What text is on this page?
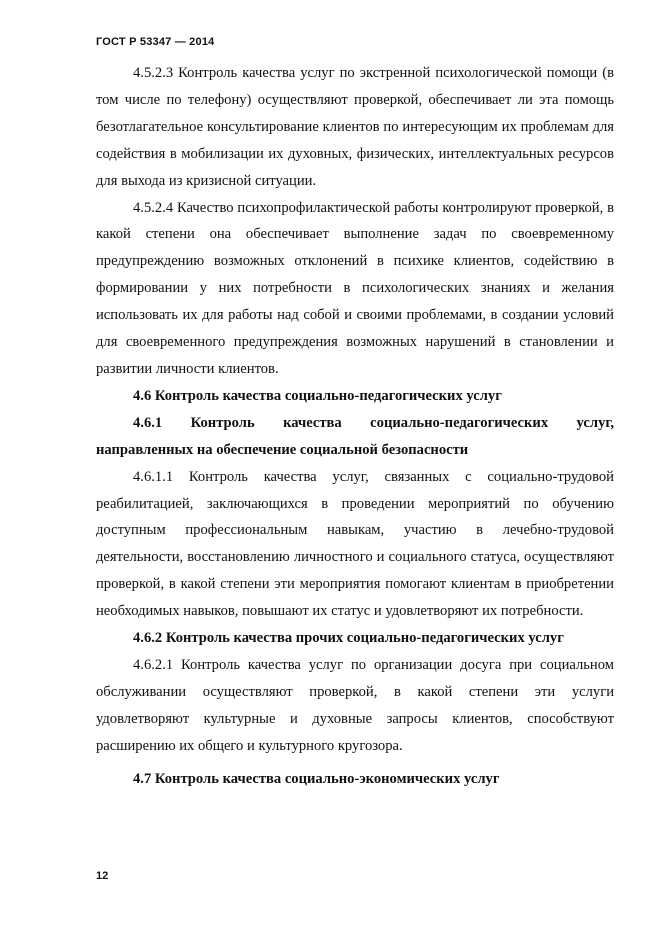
ГОСТ Р 53347 — 2014

4.5.2.3 Контроль качества услуг по экстренной психологической помощи (в том числе по телефону) осуществляют проверкой, обеспечивает ли эта помощь безотлагательное консультирование клиентов по интересующим их проблемам для содействия в мобилизации их духовных, физических, интеллектуальных ресурсов для выхода из кризисной ситуации.

4.5.2.4 Качество психопрофилактической работы контролируют проверкой, в какой степени она обеспечивает выполнение задач по своевременному предупреждению возможных отклонений в психике клиентов, содействию в формировании у них потребности в психологических знаниях и желания использовать их для работы над собой и своими проблемами, в создании условий для своевременного предупреждения возможных нарушений в становлении и развитии личности клиентов.

4.6 Контроль качества социально-педагогических услуг

4.6.1 Контроль качества социально-педагогических услуг, направленных на обеспечение социальной безопасности

4.6.1.1 Контроль качества услуг, связанных с социально-трудовой реабилитацией, заключающихся в проведении мероприятий по обучению доступным профессиональным навыкам, участию в лечебно-трудовой деятельности, восстановлению личностного и социального статуса, осуществляют проверкой, в какой степени эти мероприятия помогают клиентам в приобретении необходимых навыков, повышают их статус и удовлетворяют их потребности.

4.6.2 Контроль качества прочих социально-педагогических услуг

4.6.2.1 Контроль качества услуг по организации досуга при социальном обслуживании осуществляют проверкой, в какой степени эти услуги удовлетворяют культурные и духовные запросы клиентов, способствуют расширению их общего и культурного кругозора.

4.7 Контроль качества социально-экономических услуг

12
